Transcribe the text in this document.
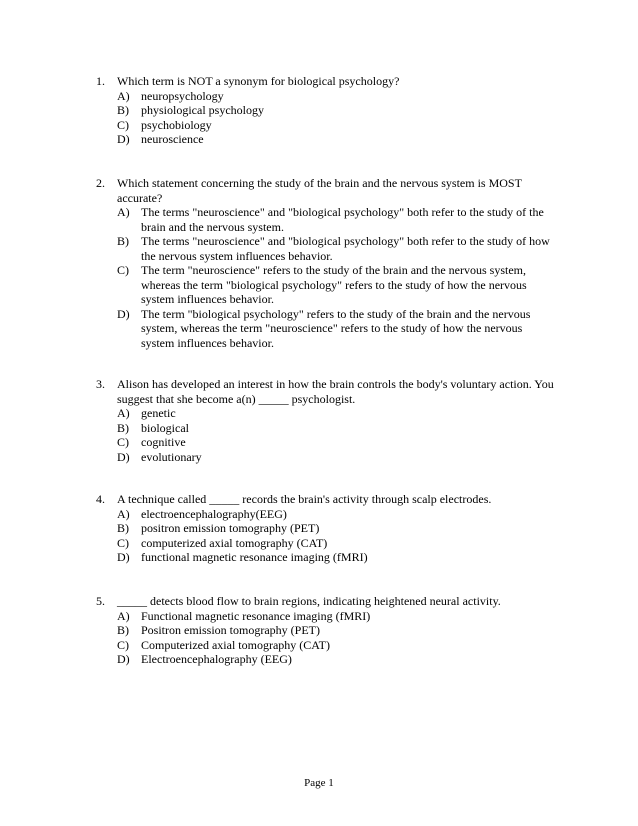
1.	Which term is NOT a synonym for biological psychology?
A) neuropsychology
B)	physiological psychology
C)	psychobiology
D) neuroscience
2.	Which statement concerning the study of the brain and the nervous system is MOST accurate?
A) The terms "neuroscience" and "biological psychology" both refer to the study of the brain and the nervous system.
B)	The terms "neuroscience" and "biological psychology" both refer to the study of how the nervous system influences behavior.
C)	The term "neuroscience" refers to the study of the brain and the nervous system, whereas the term "biological psychology" refers to the study of how the nervous system influences behavior.
D) The term "biological psychology" refers to the study of the brain and the nervous system, whereas the term "neuroscience" refers to the study of how the nervous system influences behavior.
3.	Alison has developed an interest in how the brain controls the body's voluntary action. You suggest that she become a(n) _____ psychologist.
A) genetic
B)	biological
C)	cognitive
D) evolutionary
4.	A technique called _____ records the brain's activity through scalp electrodes.
A) electroencephalography(EEG)
B)	positron emission tomography (PET)
C)	computerized axial tomography (CAT)
D) functional magnetic resonance imaging (fMRI)
5.	_____ detects blood flow to brain regions, indicating heightened neural activity.
A) Functional magnetic resonance imaging (fMRI)
B)	Positron emission tomography (PET)
C)	Computerized axial tomography (CAT)
D) Electroencephalography (EEG)
Page 1
